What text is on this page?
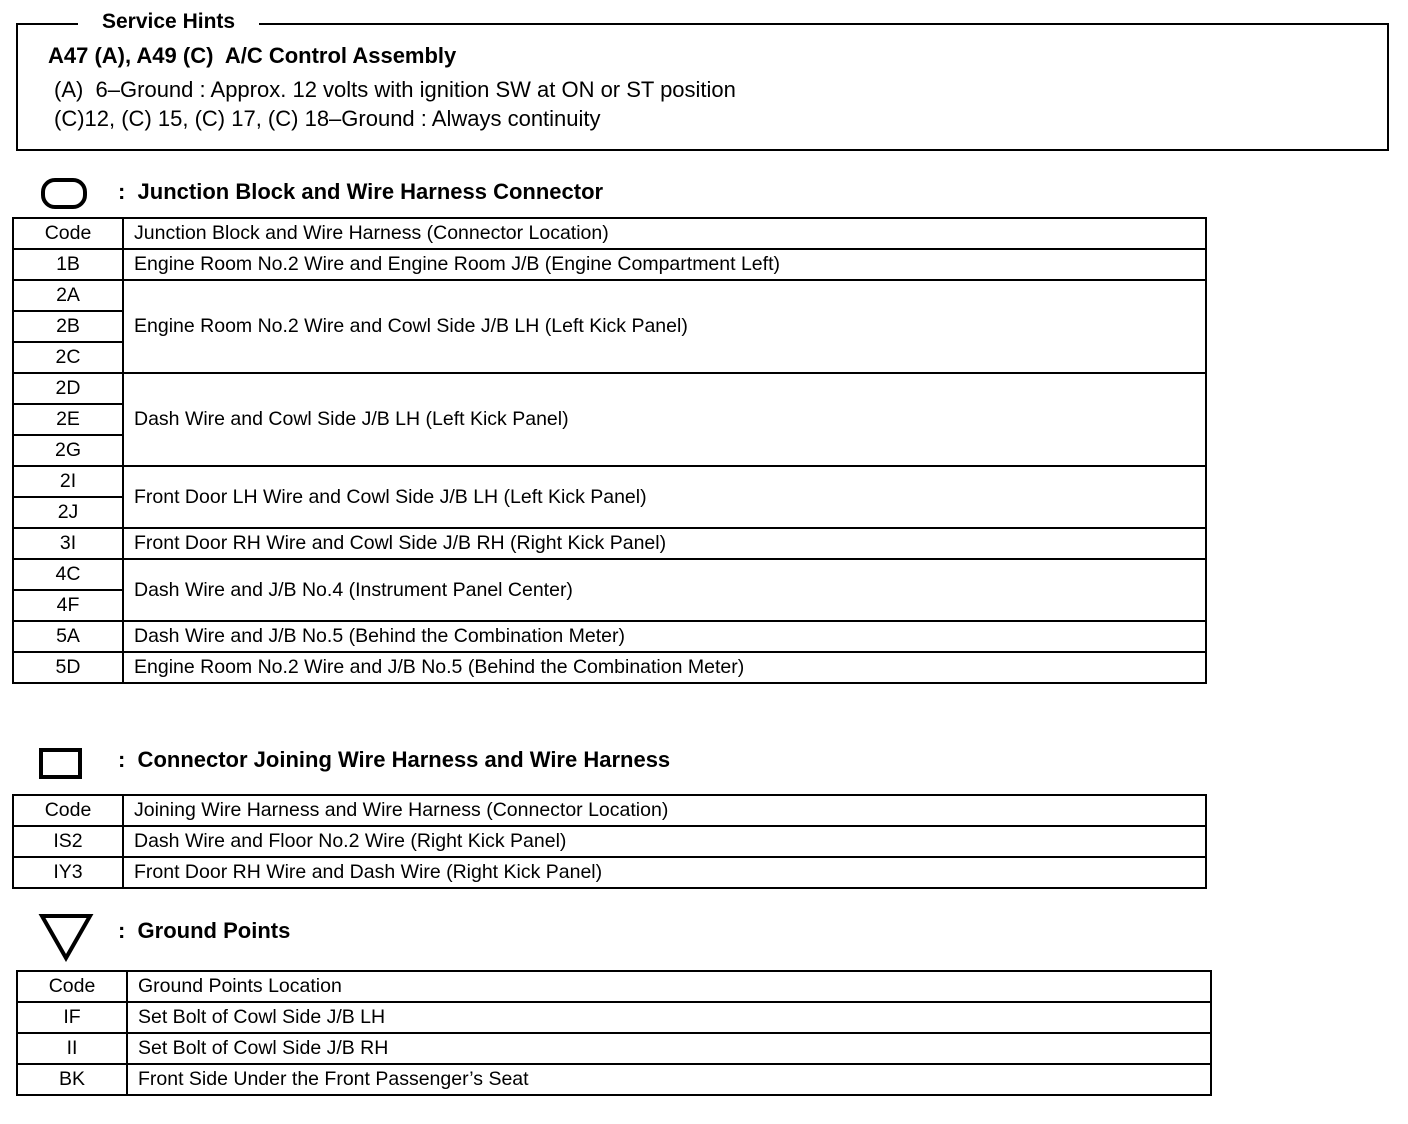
A47 (A), A49 (C)  A/C Control Assembly
(A)  6–Ground : Approx. 12 volts with ignition SW at ON or ST position
(C)12, (C) 15, (C) 17, (C) 18–Ground : Always continuity
Service Hints
:  Junction Block and Wire Harness Connector
Code	Junction Block and Wire Harness (Connector Location)
1B	Engine Room No.2 Wire and Engine Room J/B (Engine Compartment Left)
2A	Engine Room No.2 Wire and Cowl Side J/B LH (Left Kick Panel)
2B	
2C	
2D	Dash Wire and Cowl Side J/B LH (Left Kick Panel)
2E	
2G	
2I	Front Door LH Wire and Cowl Side J/B LH (Left Kick Panel)
2J	
3I	Front Door RH Wire and Cowl Side J/B RH (Right Kick Panel)
4C	Dash Wire and J/B No.4 (Instrument Panel Center)
4F	
5A	Dash Wire and J/B No.5 (Behind the Combination Meter)
5D	Engine Room No.2 Wire and J/B No.5 (Behind the Combination Meter)
:  Connector Joining Wire Harness and Wire Harness
Code	Joining Wire Harness and Wire Harness (Connector Location)
IS2	Dash Wire and Floor No.2 Wire (Right Kick Panel)
IY3	Front Door RH Wire and Dash Wire (Right Kick Panel)
:  Ground Points
Code	Ground Points Location
IF	Set Bolt of Cowl Side J/B LH
II	Set Bolt of Cowl Side J/B RH
BK	Front Side Under the Front Passenger’s Seat
